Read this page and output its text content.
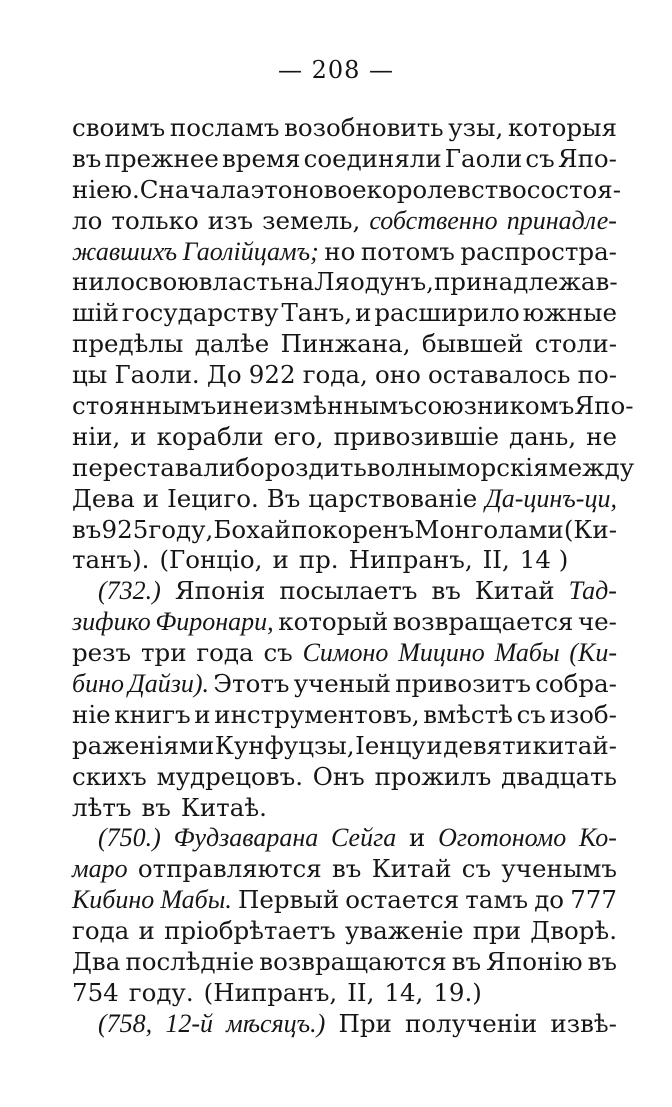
— 208 —
своимъ посламъ возобновить узы, которыя
въ прежнее время соединяли Гаоли съ Япо-
ніею. Сначала это новое королевство состоя-
ло только изъ земель, собственно принадле-
жавшихъ Гаолійцамъ; но потомъ распростра-
нило свою власть на Ляодунъ, принадлежав-
шій государству Танъ, и расширило южные
предѣлы далѣе Пинжана, бывшей столи-
цы Гаоли. До 922 года, оно оставалось по-
стояннымъ и неизмѣннымъ союзникомъ Япо-
ніи, и корабли его, привозившіе дань, не
переставали бороздить волны морскія между
Дева и Іециго. Въ царствованіе Да-цинъ-ци,
въ 925 году, Бохай покоренъ Монголами (Ки-
танъ). (Гонціо, и пр. Нипранъ, II, 14 )
(732.) Японія посылаетъ въ Китай Тад-
зифико Фиронари, который возвращается че-
резъ три года съ Симоно Мицино Мабы (Ки-
бино Дайзи). Этотъ ученый привозитъ собра-
ніе книгъ и инструментовъ, вмѣстѣ съ изоб-
раженіями Кунфуцзы, Іенцу и девяти китай-
скихъ мудрецовъ. Онъ прожилъ двадцать
лѣтъ въ Китаѣ.
(750.) Фудзаварана Сейга и Оготономо Ко-
маро отправляются въ Китай съ ученымъ
Кибино Мабы. Первый остается тамъ до 777
года и пріобрѣтаетъ уваженіе при Дворѣ.
Два послѣдніе возвращаются въ Японію въ
754 году. (Нипранъ, II, 14, 19.)
(758, 12-й мѣсяцъ.) При полученіи извѣ-
